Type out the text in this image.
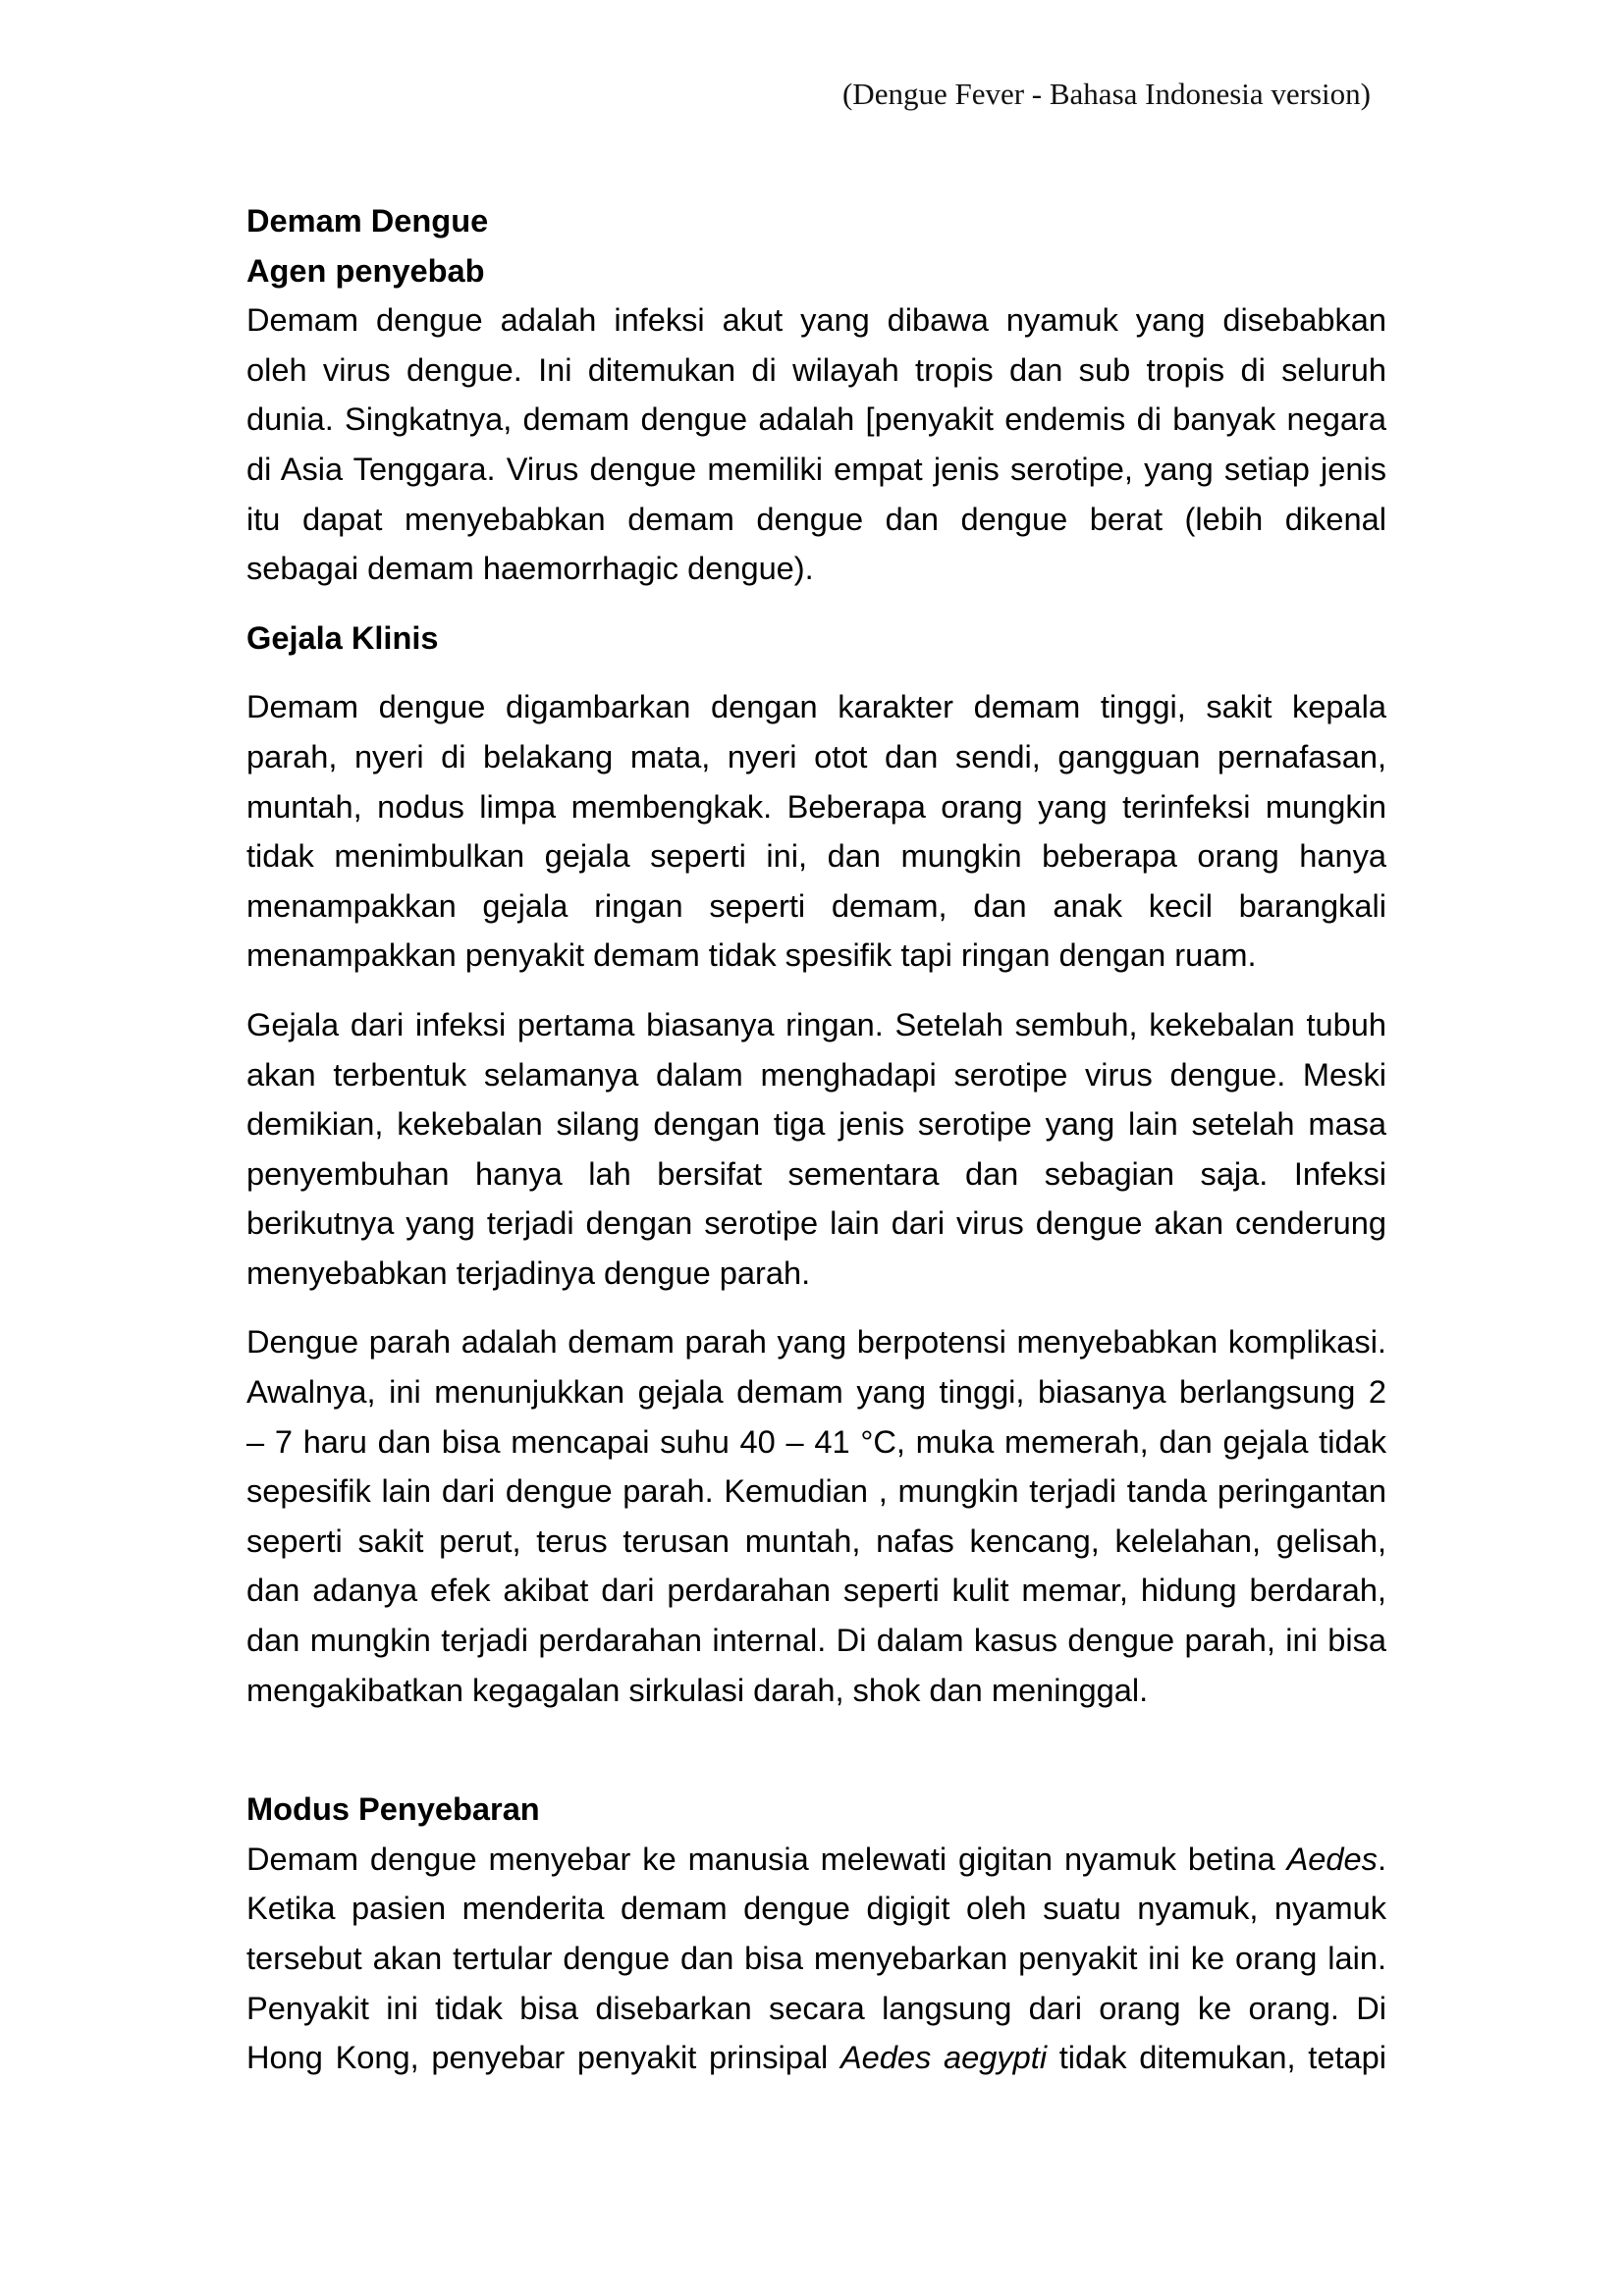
(Dengue Fever - Bahasa Indonesia version)
Demam Dengue
Agen penyebab

Demam dengue adalah infeksi akut yang dibawa nyamuk yang disebabkan
oleh virus dengue. Ini ditemukan di wilayah tropis dan sub tropis di seluruh
dunia. Singkatnya, demam dengue adalah [penyakit endemis di banyak negara
di Asia Tenggara. Virus dengue memiliki empat jenis serotipe, yang setiap jenis
itu dapat menyebabkan demam dengue dan dengue berat (lebih dikenal
sebagai demam haemorrhagic dengue).

Gejala Klinis

Demam dengue digambarkan dengan karakter demam tinggi, sakit kepala
parah, nyeri di belakang mata, nyeri otot dan sendi, gangguan pernafasan,
muntah, nodus limpa membengkak. Beberapa orang yang terinfeksi mungkin
tidak menimbulkan gejala seperti ini, dan mungkin beberapa orang hanya
menampakkan gejala ringan seperti demam, dan anak kecil barangkali
menampakkan penyakit demam tidak spesifik tapi ringan dengan ruam.

Gejala dari infeksi pertama biasanya ringan. Setelah sembuh, kekebalan tubuh
akan terbentuk selamanya dalam menghadapi serotipe virus dengue. Meski
demikian, kekebalan silang dengan tiga jenis serotipe yang lain setelah masa
penyembuhan hanya lah bersifat sementara dan sebagian saja. Infeksi
berikutnya yang terjadi dengan serotipe lain dari virus dengue akan cenderung
menyebabkan terjadinya dengue parah.

Dengue parah adalah demam parah yang berpotensi menyebabkan komplikasi.
Awalnya, ini menunjukkan gejala demam yang tinggi, biasanya berlangsung 2
– 7 haru dan bisa mencapai suhu 40 – 41 °C, muka memerah, dan gejala tidak
sepesifik lain dari dengue parah. Kemudian , mungkin terjadi tanda peringantan
seperti sakit perut, terus terusan muntah, nafas kencang, kelelahan, gelisah,
dan adanya efek akibat dari perdarahan seperti kulit memar, hidung berdarah,
dan mungkin terjadi perdarahan internal. Di dalam kasus dengue parah, ini bisa
mengakibatkan kegagalan sirkulasi darah, shok dan meninggal.

Modus Penyebaran

Demam dengue menyebar ke manusia melewati gigitan nyamuk betina Aedes.
Ketika pasien menderita demam dengue digigit oleh suatu nyamuk, nyamuk
tersebut akan tertular dengue dan bisa menyebarkan penyakit ini ke orang lain.
Penyakit ini tidak bisa disebarkan secara langsung dari orang ke orang. Di
Hong Kong, penyebar penyakit prinsipal Aedes aegypti tidak ditemukan, tetapi
